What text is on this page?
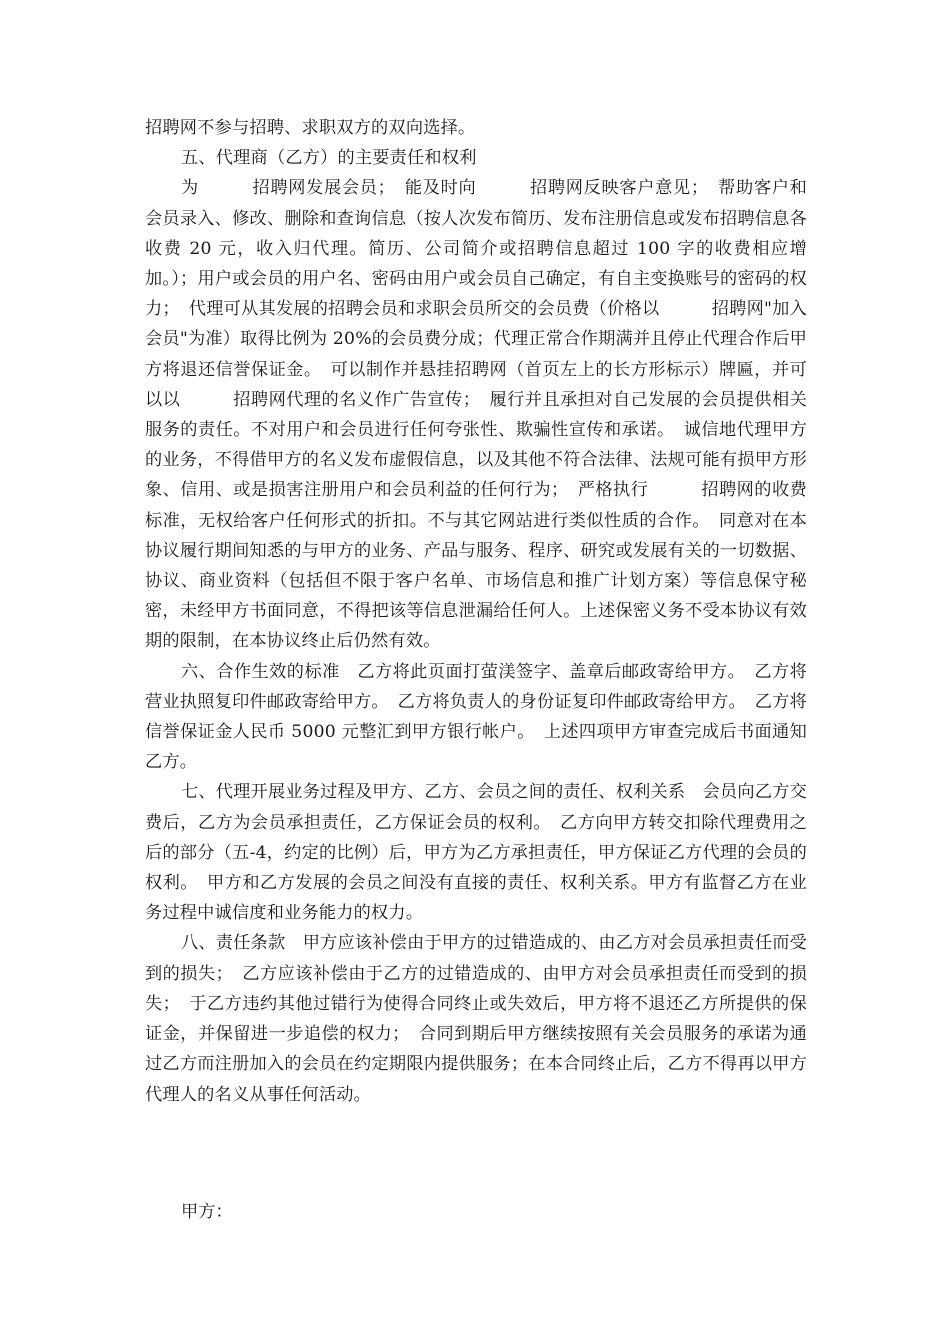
招聘网不参与招聘、求职双方的双向选择。

五、代理商（乙方）的主要责任和权利

为　　　招聘网发展会员；　能及时向　　　招聘网反映客户意见；　帮助客户和会员录入、修改、删除和查询信息（按人次发布简历、发布注册信息或发布招聘信息各收费 20 元，收入归代理。简历、公司简介或招聘信息超过 100 字的收费相应增加。）；用户或会员的用户名、密码由用户或会员自己确定，有自主变换账号的密码的权力；　代理可从其发展的招聘会员和求职会员所交的会员费（价格以　　　招聘网"加入会员"为准）取得比例为 20%的会员费分成；代理正常合作期满并且停止代理合作后甲方将退还信誉保证金。　可以制作并悬挂招聘网（首页左上的长方形标示）牌匾，并可以以　　　招聘网代理的名义作广告宣传；　履行并且承担对自己发展的会员提供相关服务的责任。不对用户和会员进行任何夸张性、欺骗性宣传和承诺。　诚信地代理甲方的业务，不得借甲方的名义发布虚假信息，以及其他不符合法律、法规可能有损甲方形象、信用、或是损害注册用户和会员利益的任何行为；　严格执行　　　招聘网的收费标准，无权给客户任何形式的折扣。不与其它网站进行类似性质的合作。　同意对在本协议履行期间知悉的与甲方的业务、产品与服务、程序、研究或发展有关的一切数据、协议、商业资料（包括但不限于客户名单、市场信息和推广计划方案）等信息保守秘密，未经甲方书面同意，不得把该等信息泄漏给任何人。上述保密义务不受本协议有效期的限制，在本协议终止后仍然有效。

六、合作生效的标准　乙方将此页面打萤渼签字、盖章后邮政寄给甲方。　乙方将营业执照复印件邮政寄给甲方。　乙方将负责人的身份证复印件邮政寄给甲方。　乙方将信誉保证金人民币 5000 元整汇到甲方银行帐户。　上述四项甲方审查完成后书面通知乙方。

七、代理开展业务过程及甲方、乙方、会员之间的责任、权利关系　会员向乙方交费后，乙方为会员承担责任，乙方保证会员的权利。　乙方向甲方转交扣除代理费用之后的部分（五-4，约定的比例）后，甲方为乙方承担责任，甲方保证乙方代理的会员的权利。　甲方和乙方发展的会员之间没有直接的责任、权利关系。甲方有监督乙方在业务过程中诚信度和业务能力的权力。

八、责任条款　甲方应该补偿由于甲方的过错造成的、由乙方对会员承担责任而受到的损失；　乙方应该补偿由于乙方的过错造成的、由甲方对会员承担责任而受到的损失；　于乙方违约其他过错行为使得合同终止或失效后，甲方将不退还乙方所提供的保证金，并保留进一步追偿的权力；　合同到期后甲方继续按照有关会员服务的承诺为通过乙方而注册加入的会员在约定期限内提供服务；在本合同终止后，乙方不得再以甲方代理人的名义从事任何活动。

甲方：
